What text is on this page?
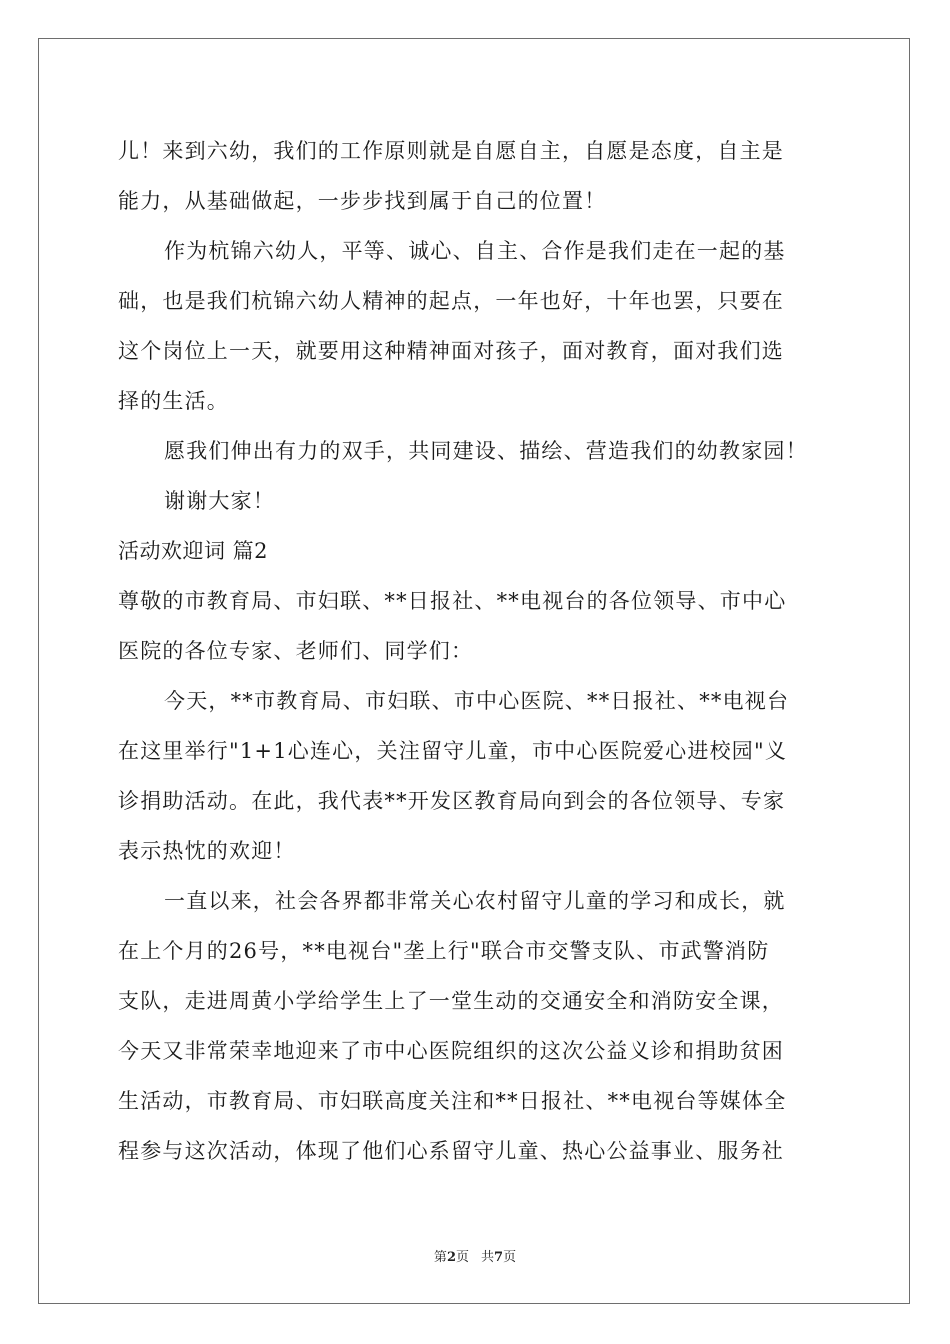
儿！来到六幼，我们的工作原则就是自愿自主，自愿是态度，自主是
能力，从基础做起，一步步找到属于自己的位置！
作为杭锦六幼人，平等、诚心、自主、合作是我们走在一起的基
础，也是我们杭锦六幼人精神的起点，一年也好，十年也罢，只要在
这个岗位上一天，就要用这种精神面对孩子，面对教育，面对我们选
择的生活。
愿我们伸出有力的双手，共同建设、描绘、营造我们的幼教家园！
谢谢大家！
活动欢迎词 篇2
尊敬的市教育局、市妇联、**日报社、**电视台的各位领导、市中心
医院的各位专家、老师们、同学们：
今天，**市教育局、市妇联、市中心医院、**日报社、**电视台
在这里举行"1+1心连心，关注留守儿童，市中心医院爱心进校园"义
诊捐助活动。在此，我代表**开发区教育局向到会的各位领导、专家
表示热忱的欢迎！
一直以来，社会各界都非常关心农村留守儿童的学习和成长，就
在上个月的26号，**电视台"垄上行"联合市交警支队、市武警消防
支队，走进周黄小学给学生上了一堂生动的交通安全和消防安全课，
今天又非常荣幸地迎来了市中心医院组织的这次公益义诊和捐助贫困
生活动，市教育局、市妇联高度关注和**日报社、**电视台等媒体全
程参与这次活动，体现了他们心系留守儿童、热心公益事业、服务社
第2页 共7页
